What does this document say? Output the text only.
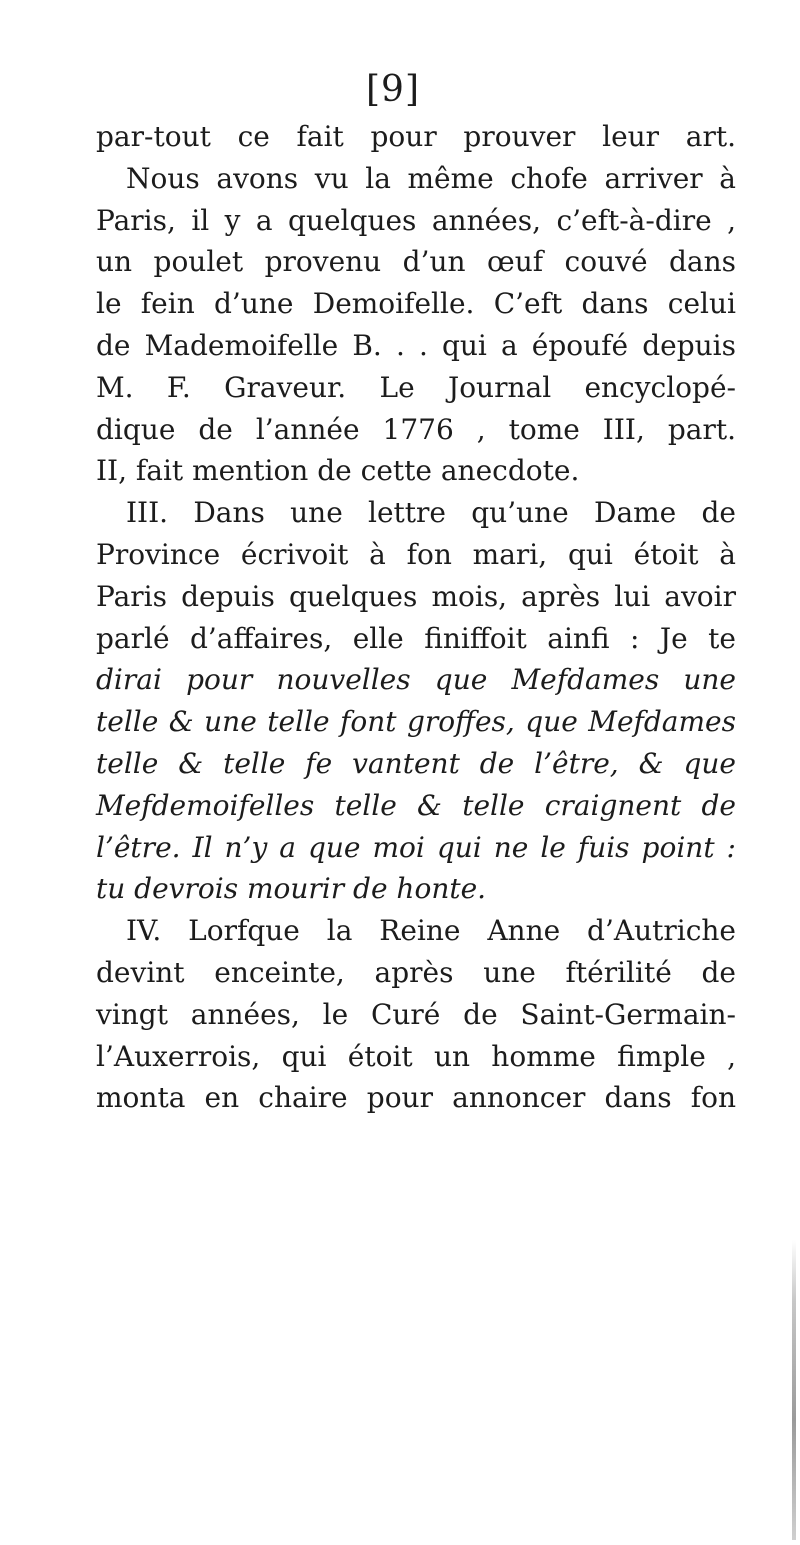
[9]
par-tout ce fait pour prouver leur art.
Nous avons vu la même chofe arriver à
Paris, il y a quelques années, c’eft-à-dire ,
un poulet provenu d’un œuf couvé dans
le fein d’une Demoifelle. C’eft dans celui
de Mademoifelle B. . . qui a époufé depuis
M. F. Graveur. Le Journal encyclopé-
dique de l’année 1776 , tome III, part.
II, fait mention de cette anecdote.
III. Dans une lettre qu’une Dame de
Province écrivoit à fon mari, qui étoit à
Paris depuis quelques mois, après lui avoir
parlé d’affaires, elle finiffoit ainfi : Je te
dirai pour nouvelles que Mefdames une
telle & une telle font groffes, que Mefdames
telle & telle fe vantent de l’être, & que
Mefdemoifelles telle & telle craignent de
l’être. Il n’y a que moi qui ne le fuis point :
tu devrois mourir de honte.
IV. Lorfque la Reine Anne d’Autriche
devint enceinte, après une ftérilité de
vingt années, le Curé de Saint-Germain-
l’Auxerrois, qui étoit un homme fimple ,
monta en chaire pour annoncer dans fon
